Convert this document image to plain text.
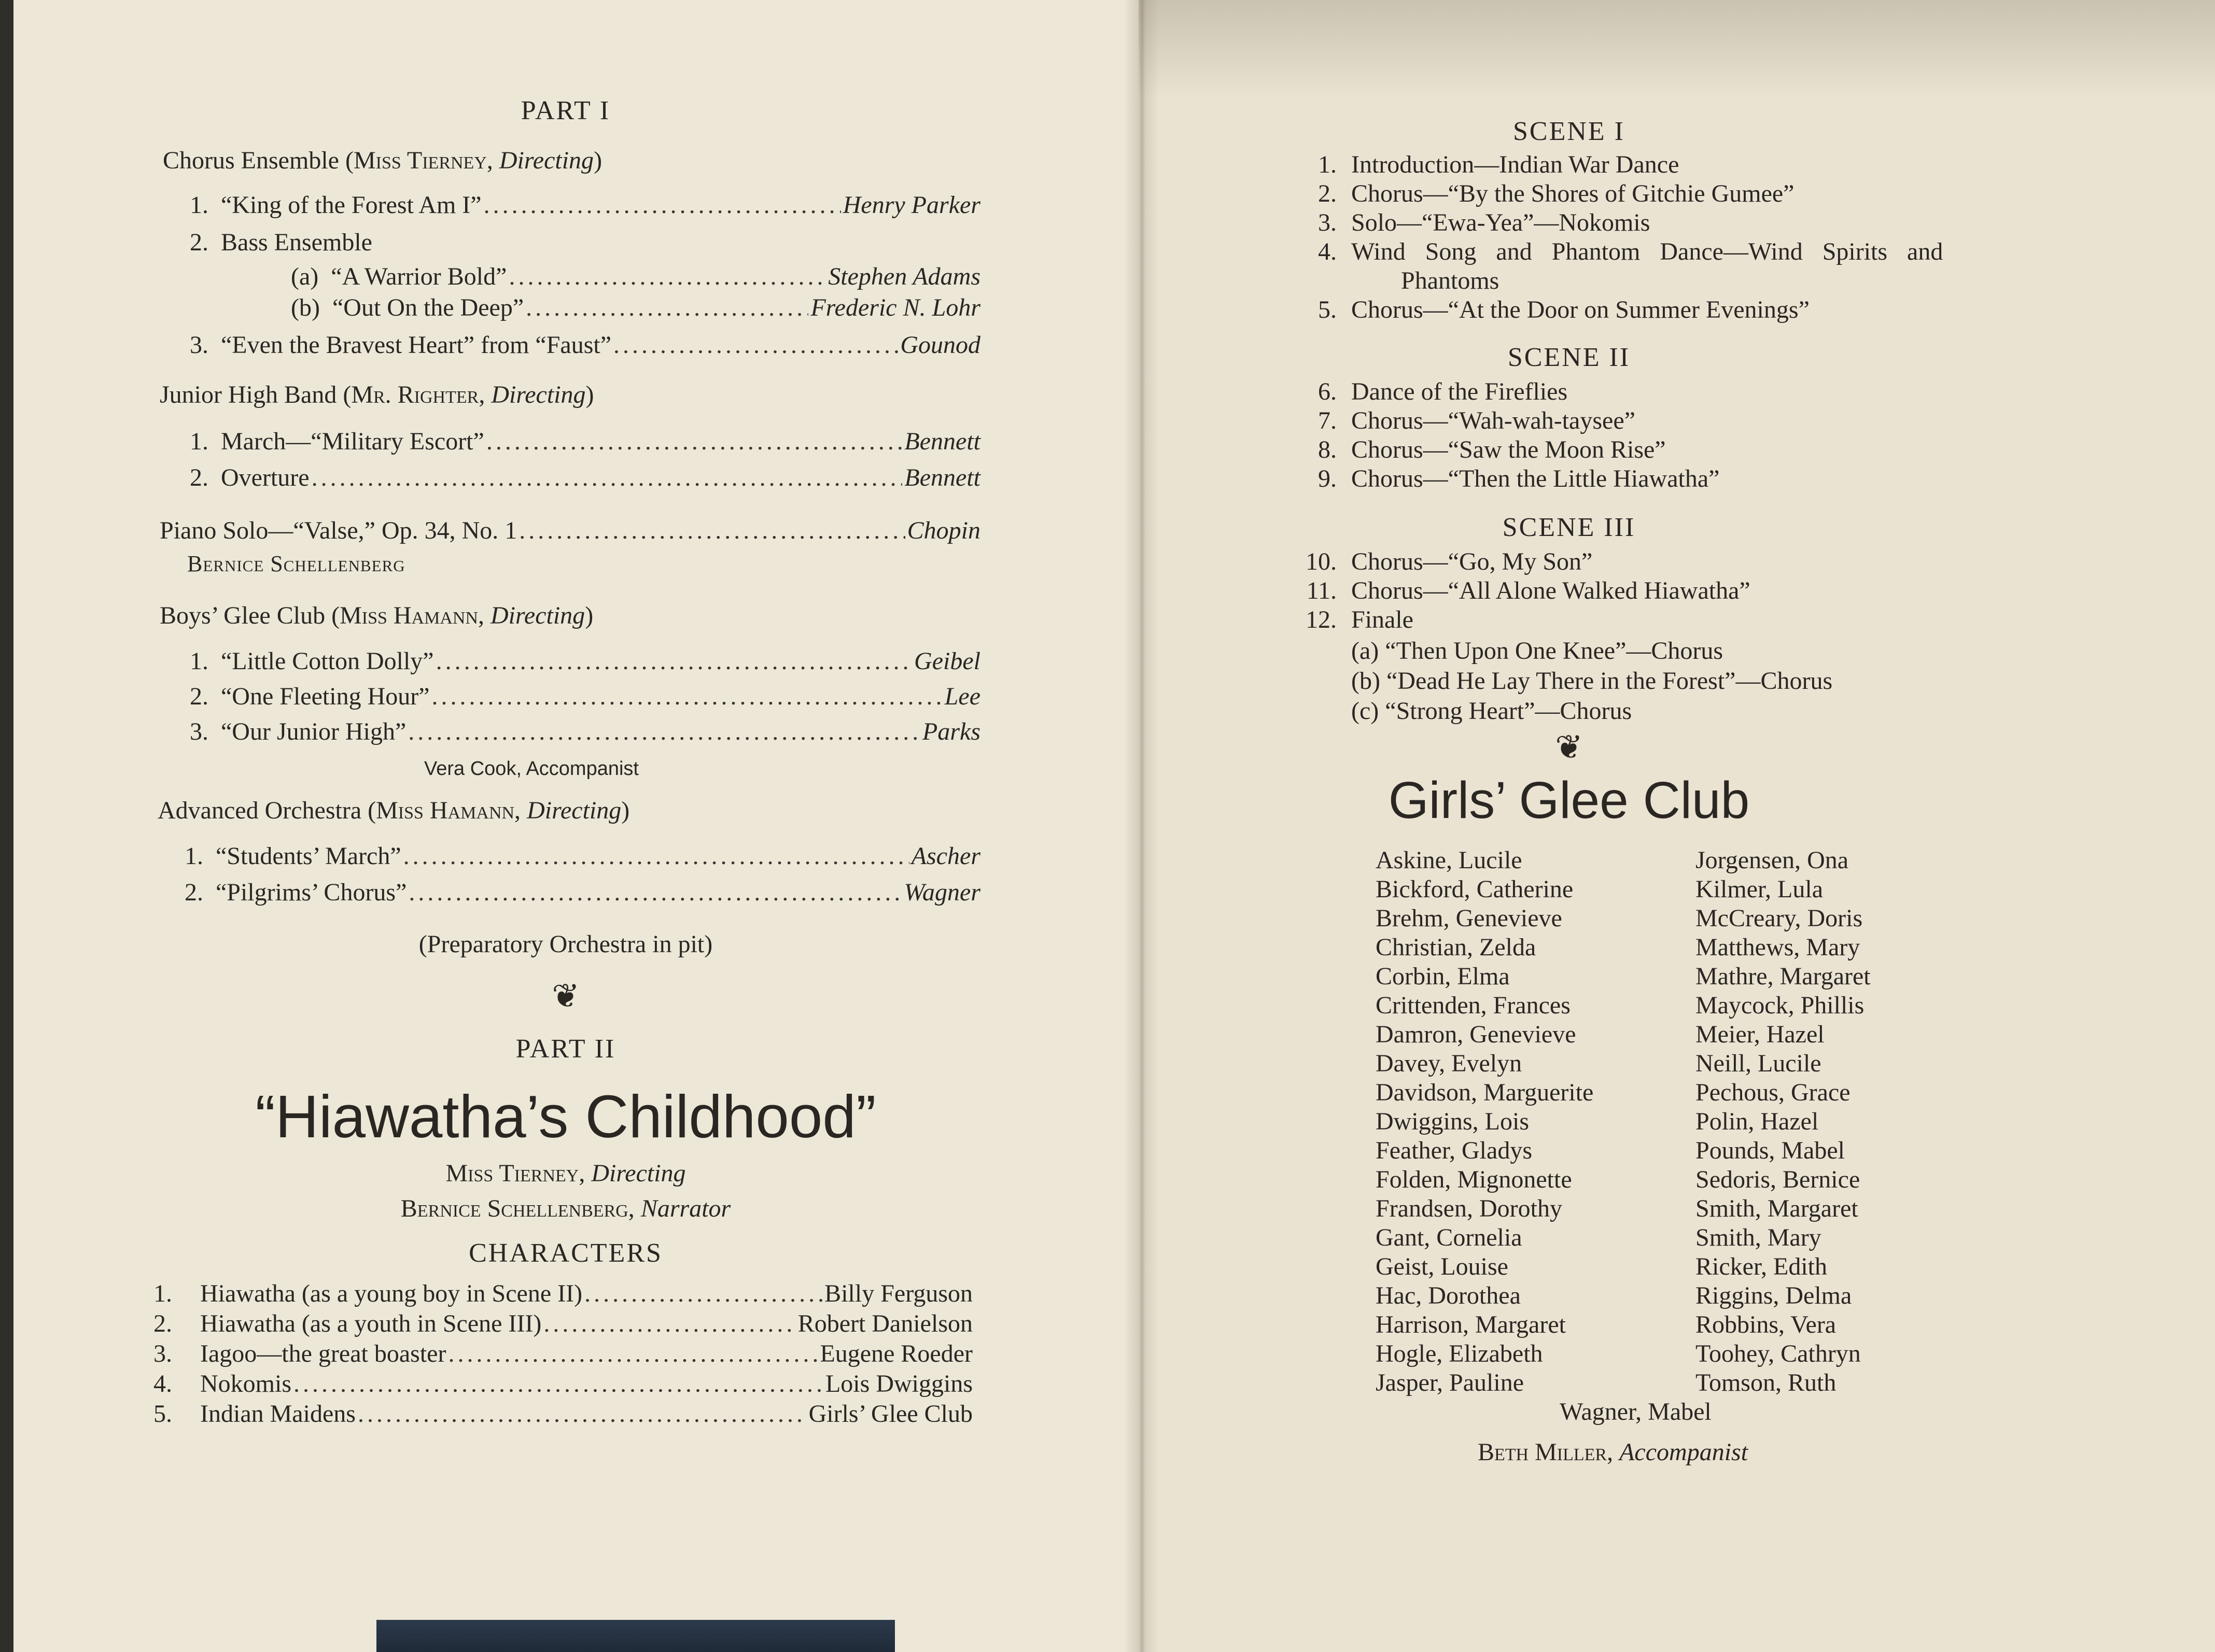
PART I
Chorus Ensemble (Miss Tierney, Directing)
1.
“King of the Forest Am I” .....	Henry Parker
2. Bass Ensemble
(a)
“A Warrior Bold” .....	Stephen Adams
(b)
“Out On the Deep” .....	Frederic N. Lohr
3.
“Even the Bravest Heart” from “Faust” .....	Gounod
Junior High Band (Mr. Righter, Directing)
1.
March—“Military Escort” .....	Bennett
2.
Overture .....	Bennett
Piano Solo—“Valse,” Op. 34, No. 1 .....	Chopin
Bernice Schellenberg
Boys’ Glee Club (Miss Hamann, Directing)
1.
“Little Cotton Dolly” .....	Geibel
2.
“One Fleeting Hour” .....	Lee
3.
“Our Junior High” .....	Parks
Vera Cook, Accompanist
Advanced Orchestra (Miss Hamann, Directing)
1.
“Students’ March” .....	Ascher
2.
“Pilgrims’ Chorus” .....	Wagner
(Preparatory Orchestra in pit)
❦
PART II
“Hiawatha’s Childhood”
Miss Tierney, Directing
Bernice Schellenberg, Narrator
CHARACTERS
1.	Hiawatha (as a young boy in Scene II) .....	Billy Ferguson
2.	Hiawatha (as a youth in Scene III) .....	Robert Danielson
3.	Iagoo—the great boaster .....	Eugene Roeder
4.	Nokomis .....	Lois Dwiggins
5.	Indian Maidens .....	Girls’ Glee Club
SCENE I
1. Introduction—Indian War Dance
2. Chorus—“By the Shores of Gitchie Gumee”
3. Solo—“Ewa-Yea”—Nokomis
4. Wind Song and Phantom Dance—Wind Spirits and
Phantoms
5. Chorus—“At the Door on Summer Evenings”
SCENE II
6. Dance of the Fireflies
7. Chorus—“Wah-wah-taysee”
8. Chorus—“Saw the Moon Rise”
9. Chorus—“Then the Little Hiawatha”
SCENE III
10. Chorus—“Go, My Son”
11. Chorus—“All Alone Walked Hiawatha”
12. Finale
(a) “Then Upon One Knee”—Chorus
(b) “Dead He Lay There in the Forest”—Chorus
(c) “Strong Heart”—Chorus
❦
Girls’ Glee Club
Askine, Lucile
Bickford, Catherine
Brehm, Genevieve
Christian, Zelda
Corbin, Elma
Crittenden, Frances
Damron, Genevieve
Davey, Evelyn
Davidson, Marguerite
Dwiggins, Lois
Feather, Gladys
Folden, Mignonette
Frandsen, Dorothy
Gant, Cornelia
Geist, Louise
Hac, Dorothea
Harrison, Margaret
Hogle, Elizabeth
Jasper, Pauline
Jorgensen, Ona
Kilmer, Lula
McCreary, Doris
Matthews, Mary
Mathre, Margaret
Maycock, Phillis
Meier, Hazel
Neill, Lucile
Pechous, Grace
Polin, Hazel
Pounds, Mabel
Sedoris, Bernice
Smith, Margaret
Smith, Mary
Ricker, Edith
Riggins, Delma
Robbins, Vera
Toohey, Cathryn
Tomson, Ruth
Wagner, Mabel
Beth Miller, Accompanist
